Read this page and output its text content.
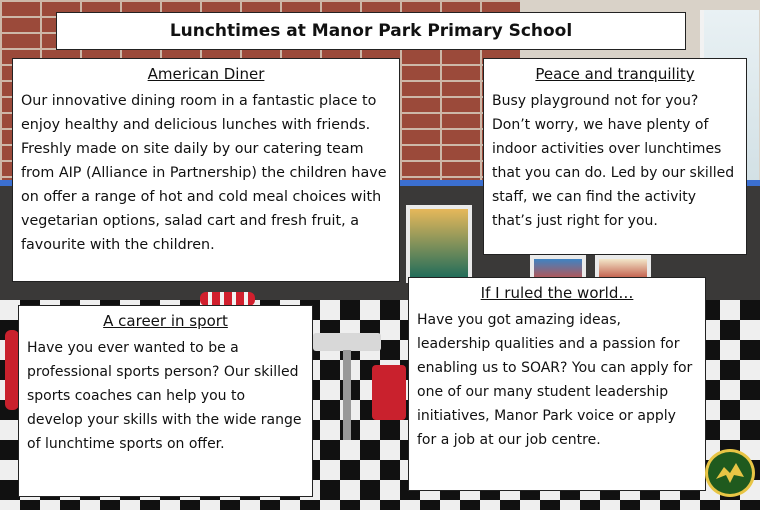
Lunchtimes at Manor Park Primary School
American Diner

Our innovative dining room in a fantastic place to enjoy healthy and delicious lunches with friends. Freshly made on site daily by our catering team from AIP (Alliance in Partnership) the children have on offer a range of hot and cold meal choices with vegetarian options, salad cart and fresh fruit, a favourite with the children.

Peace and tranquility

Busy playground not for you? Don’t worry, we have plenty of indoor activities over lunchtimes that you can do. Led by our skilled staff, we can find the activity that’s just right for you.

If I ruled the world…

Have you got amazing ideas, leadership qualities and a passion for enabling us to SOAR? You can apply for one of our many student leadership initiatives, Manor Park voice or apply for a job at our job centre.

A career in sport

Have you ever wanted to be a professional sports person? Our skilled sports coaches can help you to develop your skills with the wide range of lunchtime sports on offer.
